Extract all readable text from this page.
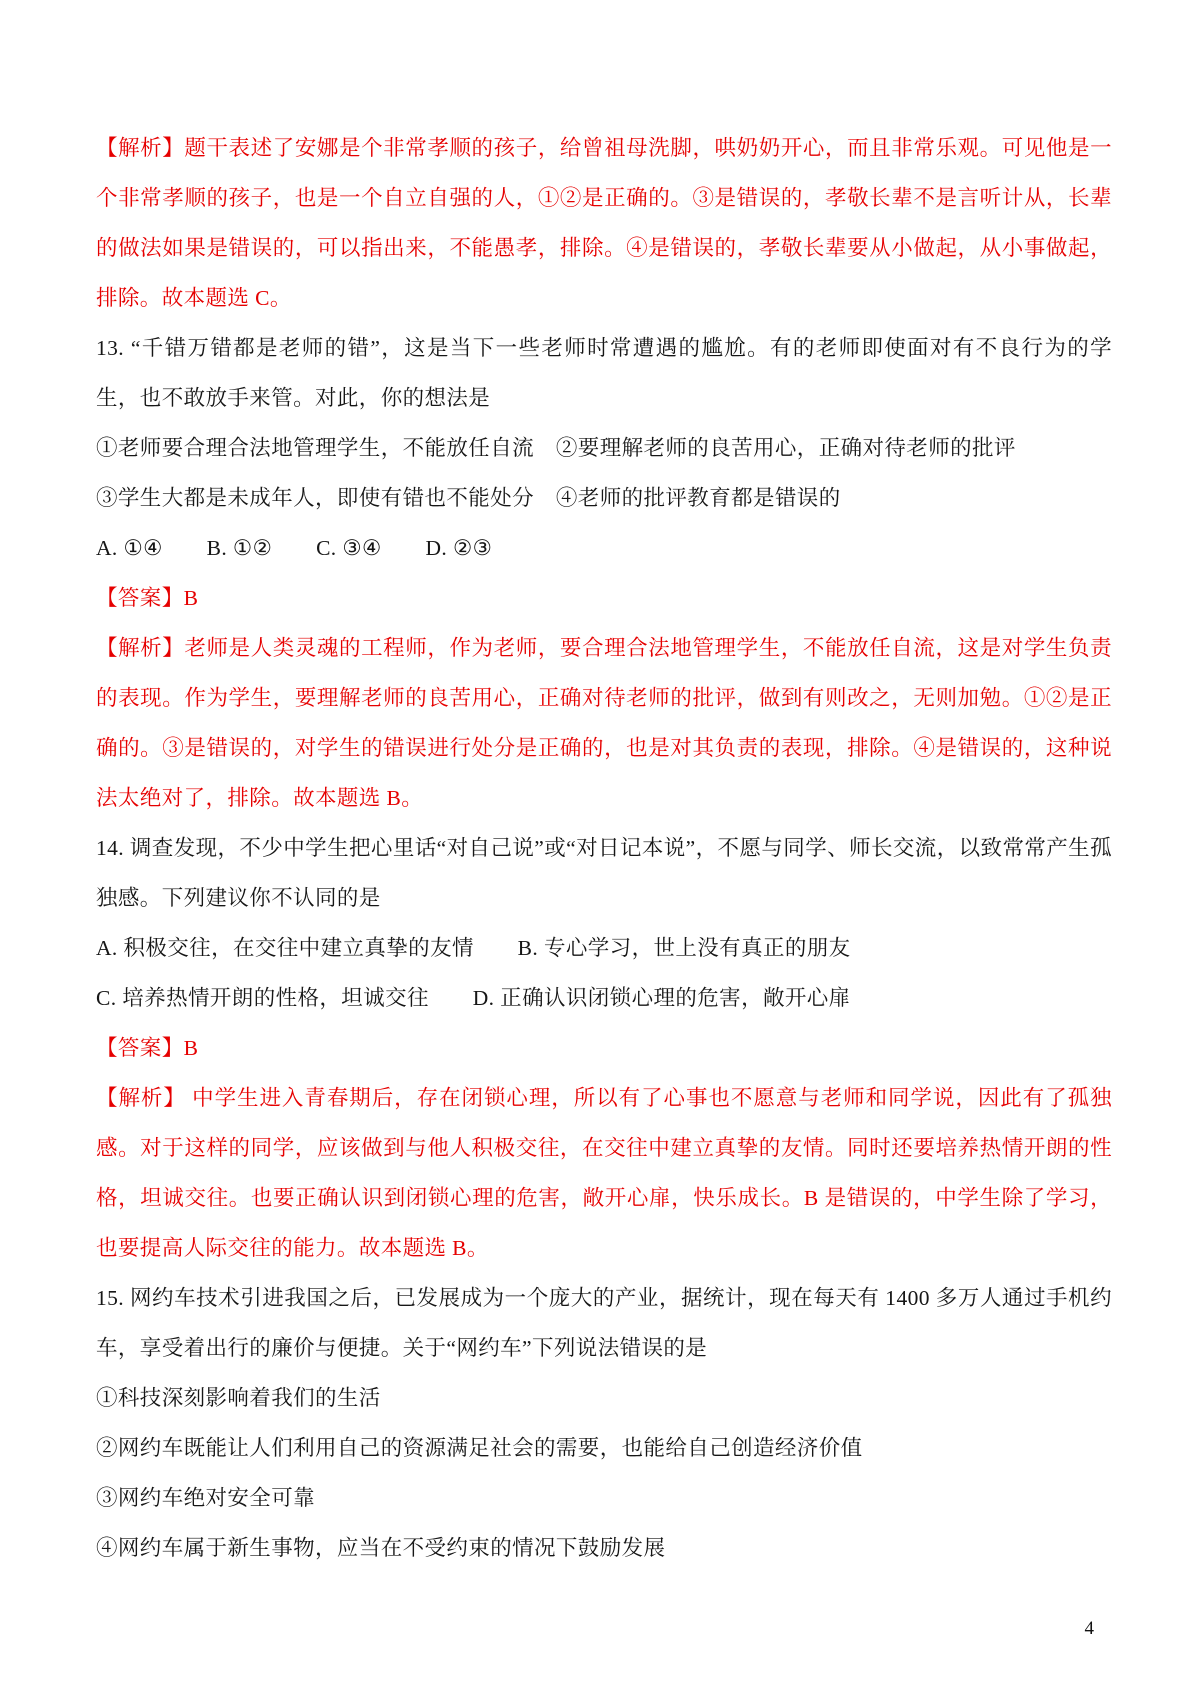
【解析】题干表述了安娜是个非常孝顺的孩子，给曾祖母洗脚，哄奶奶开心，而且非常乐观。可见他是一个非常孝顺的孩子，也是一个自立自强的人，①②是正确的。③是错误的，孝敬长辈不是言听计从，长辈的做法如果是错误的，可以指出来，不能愚孝，排除。④是错误的，孝敬长辈要从小做起，从小事做起，排除。故本题选 C。

13. “千错万错都是老师的错”，这是当下一些老师时常遭遇的尴尬。有的老师即使面对有不良行为的学生，也不敢放手来管。对此，你的想法是

①老师要合理合法地管理学生，不能放任自流　②要理解老师的良苦用心，正确对待老师的批评

③学生大都是未成年人，即使有错也不能处分　④老师的批评教育都是错误的

A. ①④　　B. ①②　　C. ③④　　D. ②③

【答案】B

【解析】老师是人类灵魂的工程师，作为老师，要合理合法地管理学生，不能放任自流，这是对学生负责的表现。作为学生，要理解老师的良苦用心，正确对待老师的批评，做到有则改之，无则加勉。①②是正确的。③是错误的，对学生的错误进行处分是正确的，也是对其负责的表现，排除。④是错误的，这种说法太绝对了，排除。故本题选 B。

14. 调查发现，不少中学生把心里话“对自己说”或“对日记本说”，不愿与同学、师长交流，以致常常产生孤独感。下列建议你不认同的是

A. 积极交往，在交往中建立真挚的友情　　B. 专心学习，世上没有真正的朋友

C. 培养热情开朗的性格，坦诚交往　　D. 正确认识闭锁心理的危害，敞开心扉

【答案】B

【解析】 中学生进入青春期后，存在闭锁心理，所以有了心事也不愿意与老师和同学说，因此有了孤独感。对于这样的同学，应该做到与他人积极交往，在交往中建立真挚的友情。同时还要培养热情开朗的性格，坦诚交往。也要正确认识到闭锁心理的危害，敞开心扉，快乐成长。B 是错误的，中学生除了学习，也要提高人际交往的能力。故本题选 B。

15. 网约车技术引进我国之后，已发展成为一个庞大的产业，据统计，现在每天有 1400 多万人通过手机约车，享受着出行的廉价与便捷。关于“网约车”下列说法错误的是

①科技深刻影响着我们的生活

②网约车既能让人们利用自己的资源满足社会的需要，也能给自己创造经济价值

③网约车绝对安全可靠

④网约车属于新生事物，应当在不受约束的情况下鼓励发展

4
